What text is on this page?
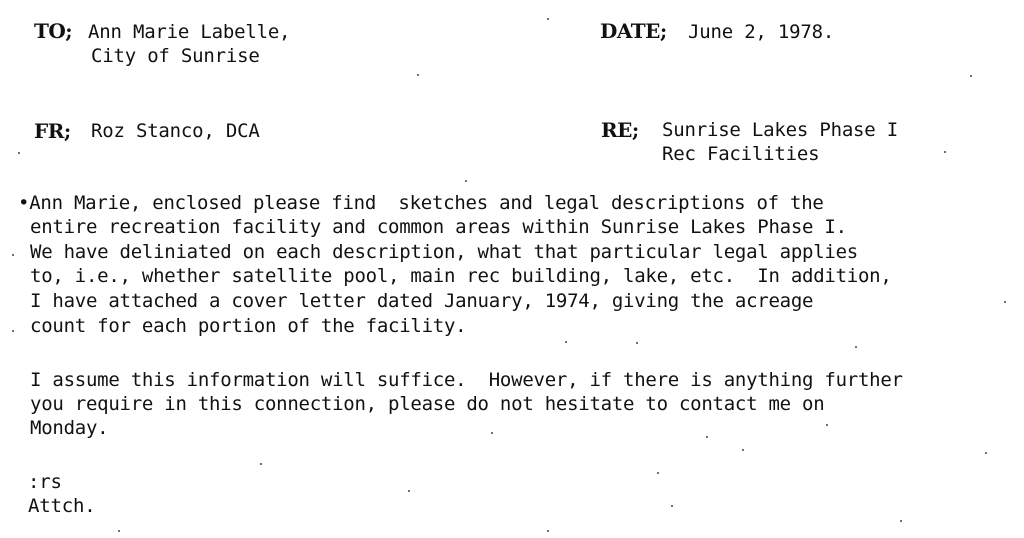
TO; Ann Marie Labelle,
City of Sunrise
DATE; June 2, 1978.
FR; Roz Stanco, DCA	RE; Sunrise Lakes Phase I
Rec Facilities
•Ann Marie, enclosed please find  sketches and legal descriptions of the
entire recreation facility and common areas within Sunrise Lakes Phase I.
We have deliniated on each description, what that particular legal applies
to, i.e., whether satellite pool, main rec building, lake, etc.  In addition,
I have attached a cover letter dated January, 1974, giving the acreage
count for each portion of the facility.
I assume this information will suffice.  However, if there is anything further
you require in this connection, please do not hesitate to contact me on
Monday.
:rs
Attch.
